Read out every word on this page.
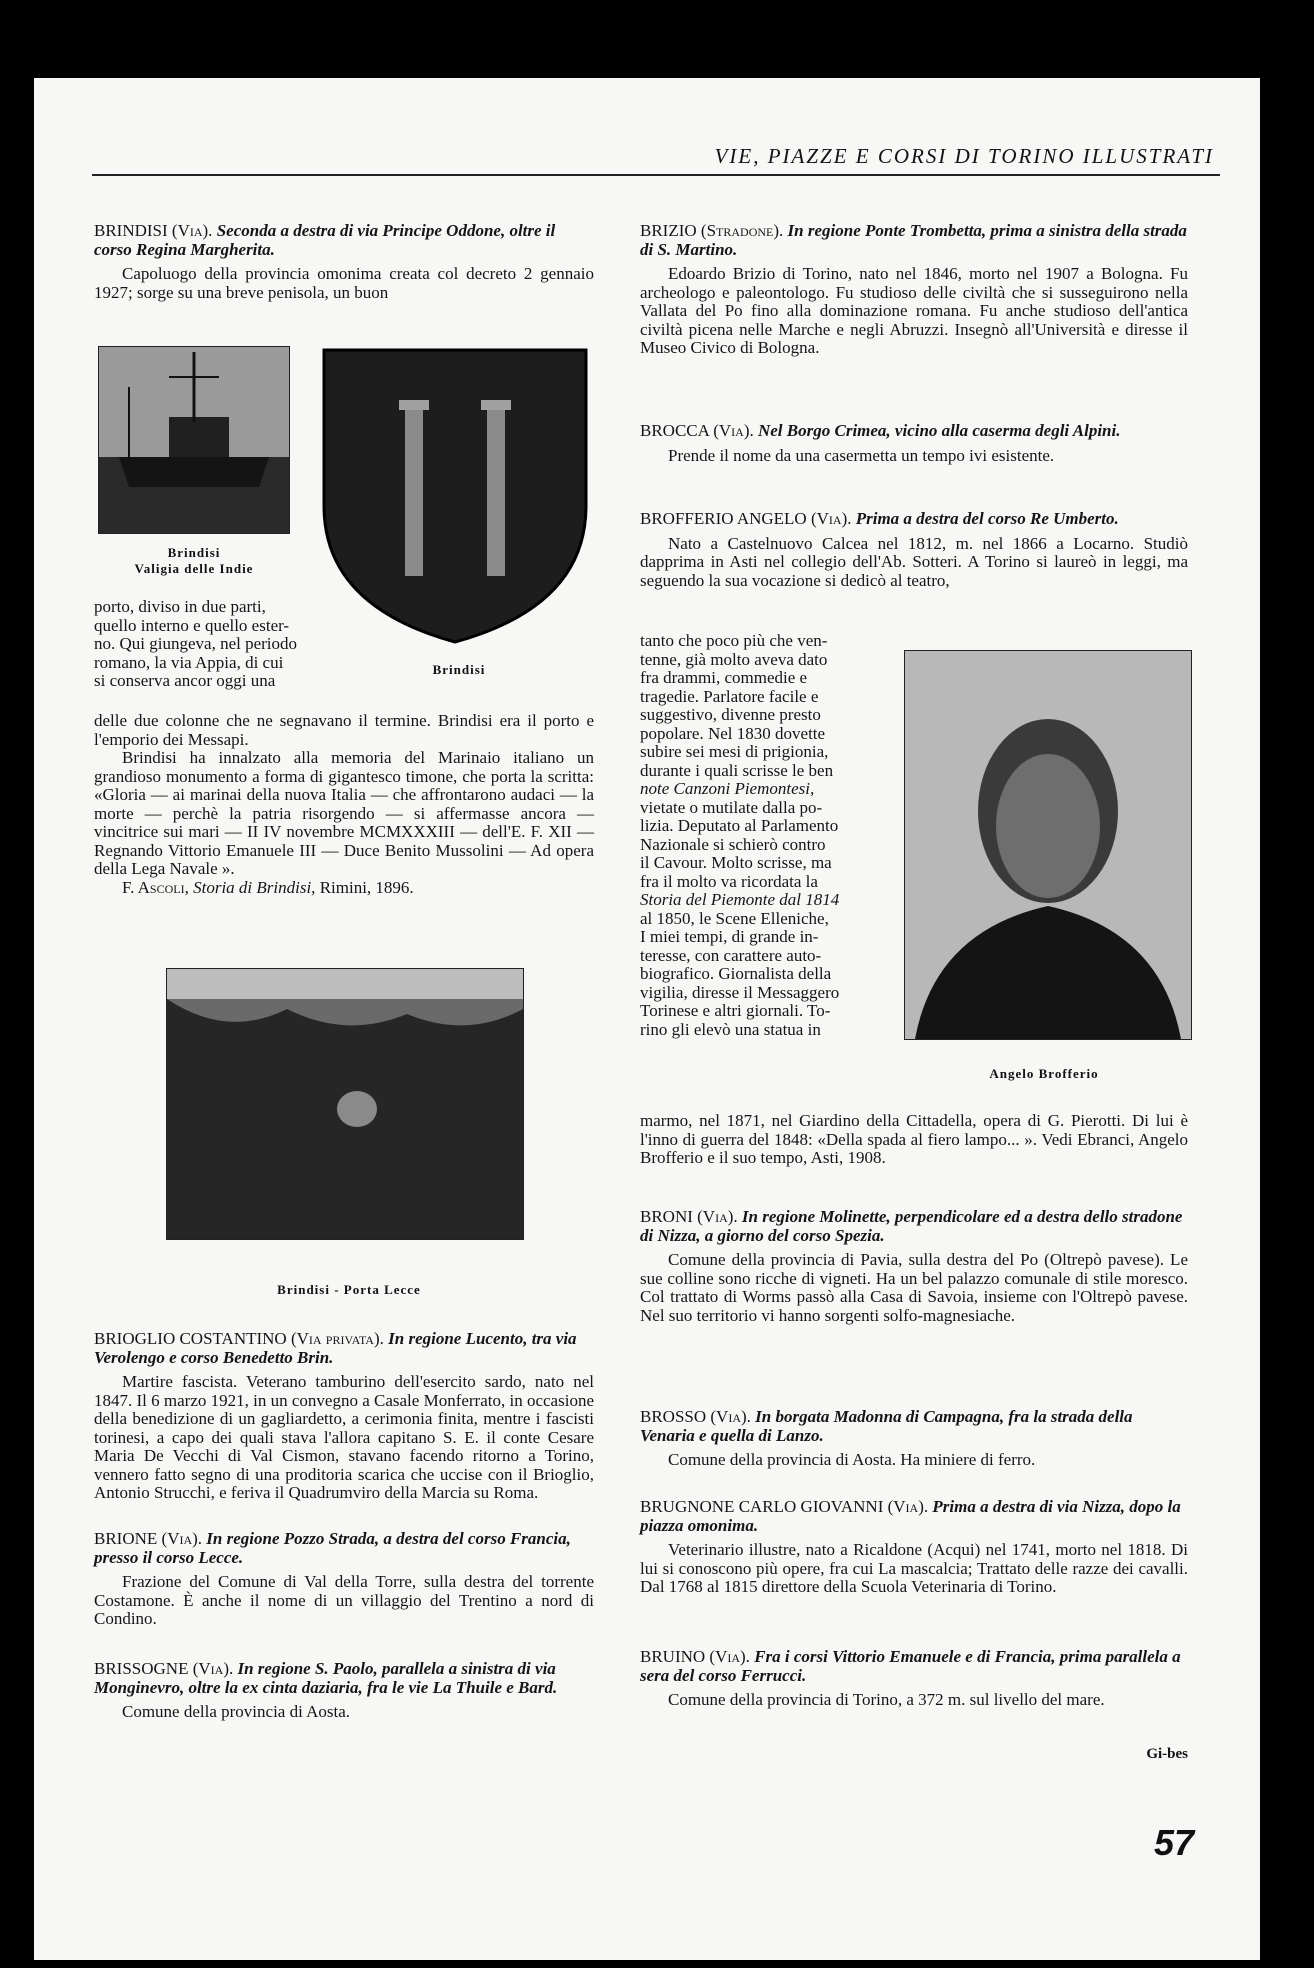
VIE, PIAZZE E CORSI DI TORINO ILLUSTRATI

BRINDISI (Via). Seconda a destra di via Principe Oddone, oltre il corso Regina Margherita.

Capoluogo della provincia omonima creata col decreto 2 gennaio 1927; sorge su una breve penisola, un buon

Brindisi
Valigia delle Indie
Brindisi
porto, diviso in due parti,
quello interno e quello ester-
no. Qui giungeva, nel periodo
romano, la via Appia, di cui
si conserva ancor oggi una

delle due colonne che ne segnavano il termine. Brindisi era il porto e l'emporio dei Messapi.

Brindisi ha innalzato alla memoria del Marinaio italiano un grandioso monumento a forma di gigantesco timone, che porta la scritta: «Gloria — ai marinai della nuova Italia — che affrontarono audaci — la morte — perchè la patria risorgendo — si affermasse ancora — vincitrice sui mari — II IV novembre MCMXXXIII — dell'E. F. XII — Regnando Vittorio Emanuele III — Duce Benito Mussolini — Ad opera della Lega Navale ».

F. Ascoli, Storia di Brindisi, Rimini, 1896.

Brindisi - Porta Lecce

BRIOGLIO COSTANTINO (Via privata). In regione Lucento, tra via Verolengo e corso Benedetto Brin.

Martire fascista. Veterano tamburino dell'esercito sardo, nato nel 1847. Il 6 marzo 1921, in un convegno a Casale Monferrato, in occasione della benedizione di un gagliardetto, a cerimonia finita, mentre i fascisti torinesi, a capo dei quali stava l'allora capitano S. E. il conte Cesare Maria De Vecchi di Val Cismon, stavano facendo ritorno a Torino, vennero fatto segno di una proditoria scarica che uccise con il Brioglio, Antonio Strucchi, e feriva il Quadrumviro della Marcia su Roma.

BRIONE (Via). In regione Pozzo Strada, a destra del corso Francia, presso il corso Lecce.

Frazione del Comune di Val della Torre, sulla destra del torrente Costamone. È anche il nome di un villaggio del Trentino a nord di Condino.

BRISSOGNE (Via). In regione S. Paolo, parallela a sinistra di via Monginevro, oltre la ex cinta daziaria, fra le vie La Thuile e Bard.

Comune della provincia di Aosta.

BRIZIO (Stradone). In regione Ponte Trombetta, prima a sinistra della strada di S. Martino.

Edoardo Brizio di Torino, nato nel 1846, morto nel 1907 a Bologna. Fu archeologo e paleontologo. Fu studioso delle civiltà che si susseguirono nella Vallata del Po fino alla dominazione romana. Fu anche studioso dell'antica civiltà picena nelle Marche e negli Abruzzi. Insegnò all'Università e diresse il Museo Civico di Bologna.

BROCCA (Via). Nel Borgo Crimea, vicino alla caserma degli Alpini.

Prende il nome da una casermetta un tempo ivi esistente.

BROFFERIO ANGELO (Via). Prima a destra del corso Re Umberto.

Nato a Castelnuovo Calcea nel 1812, m. nel 1866 a Locarno. Studiò dapprima in Asti nel collegio dell'Ab. Sotteri. A Torino si laureò in leggi, ma seguendo la sua vocazione si dedicò al teatro,

tanto che poco più che ven-
tenne, già molto aveva dato
fra drammi, commedie e
tragedie. Parlatore facile e
suggestivo, divenne presto
popolare. Nel 1830 dovette
subire sei mesi di prigionia,
durante i quali scrisse le ben
note Canzoni Piemontesi,
vietate o mutilate dalla po-
lizia. Deputato al Parlamento
Nazionale si schierò contro
il Cavour. Molto scrisse, ma
fra il molto va ricordata la
Storia del Piemonte dal 1814
al 1850, le Scene Elleniche,
I miei tempi, di grande in-
teresse, con carattere auto-
biografico. Giornalista della
vigilia, diresse il Messaggero
Torinese e altri giornali. To-
rino gli elevò una statua in
Angelo Brofferio

marmo, nel 1871, nel Giardino della Cittadella, opera di G. Pierotti. Di lui è l'inno di guerra del 1848: «Della spada al fiero lampo... ». Vedi Ebranci, Angelo Brofferio e il suo tempo, Asti, 1908.

BRONI (Via). In regione Molinette, perpendicolare ed a destra dello stradone di Nizza, a giorno del corso Spezia.

Comune della provincia di Pavia, sulla destra del Po (Oltrepò pavese). Le sue colline sono ricche di vigneti. Ha un bel palazzo comunale di stile moresco. Col trattato di Worms passò alla Casa di Savoia, insieme con l'Oltrepò pavese. Nel suo territorio vi hanno sorgenti solfo-magnesiache.

BROSSO (Via). In borgata Madonna di Campagna, fra la strada della Venaria e quella di Lanzo.

Comune della provincia di Aosta. Ha miniere di ferro.

BRUGNONE CARLO GIOVANNI (Via). Prima a destra di via Nizza, dopo la piazza omonima.

Veterinario illustre, nato a Ricaldone (Acqui) nel 1741, morto nel 1818. Di lui si conoscono più opere, fra cui La mascalcia; Trattato delle razze dei cavalli. Dal 1768 al 1815 direttore della Scuola Veterinaria di Torino.

BRUINO (Via). Fra i corsi Vittorio Emanuele e di Francia, prima parallela a sera del corso Ferrucci.

Comune della provincia di Torino, a 372 m. sul livello del mare.

Gi-bes
57
